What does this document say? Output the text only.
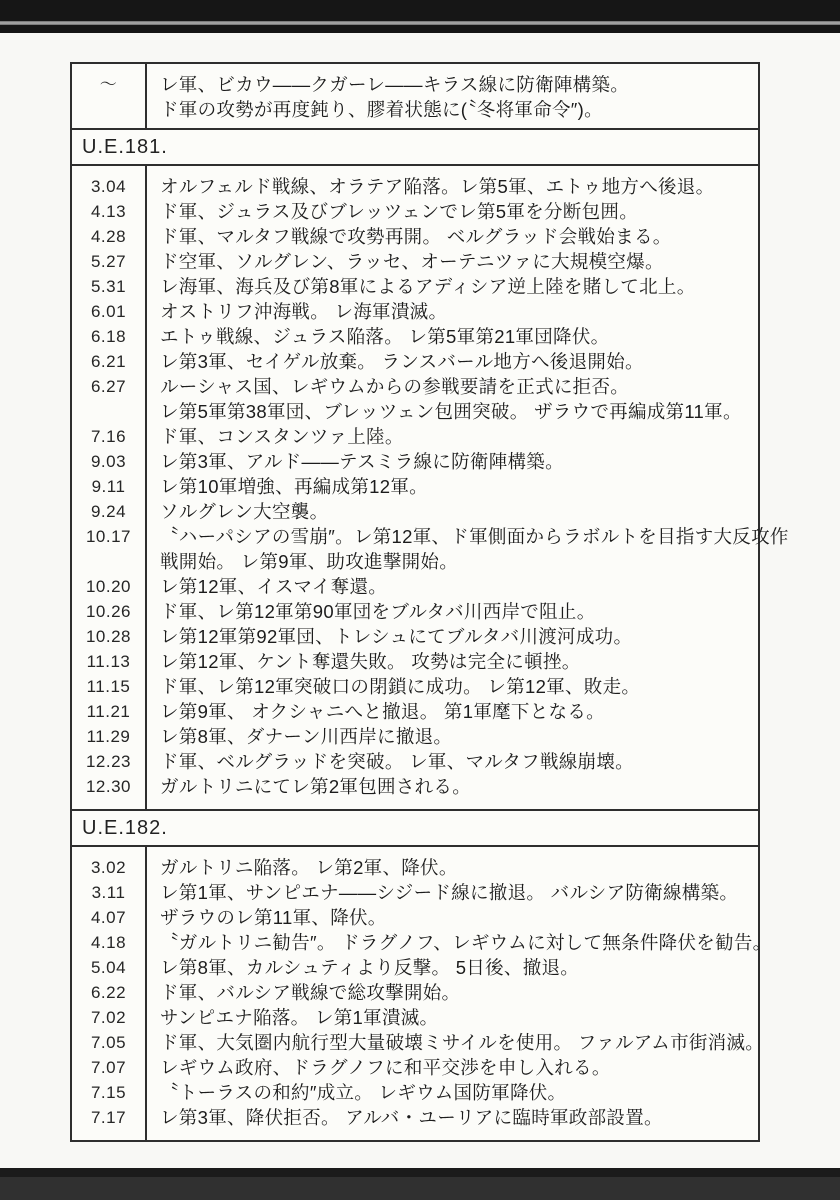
〜	レ軍、ビカウ——クガーレ——キラス線に防衛陣構築。
ド軍の攻勢が再度鈍り、膠着状態に(〝冬将軍命令″)。
U.E.181.
3.04	オルフェルド戦線、オラテア陥落。レ第5軍、エトゥ地方へ後退。
4.13	ド軍、ジュラス及びブレッツェンでレ第5軍を分断包囲。
4.28	ド軍、マルタフ戦線で攻勢再開。 ベルグラッド会戦始まる。
5.27	ド空軍、ソルグレン、ラッセ、オーテニツァに大規模空爆。
5.31	レ海軍、海兵及び第8軍によるアディシア逆上陸を賭して北上。
6.01	オストリフ沖海戦。 レ海軍潰滅。
6.18	エトゥ戦線、ジュラス陥落。 レ第5軍第21軍団降伏。
6.21	レ第3軍、セイゲル放棄。 ランスバール地方へ後退開始。
6.27	ルーシャス国、レギウムからの参戦要請を正式に拒否。
レ第5軍第38軍団、ブレッツェン包囲突破。 ザラウで再編成第11軍。
7.16	ド軍、コンスタンツァ上陸。
9.03	レ第3軍、アルド——テスミラ線に防衛陣構築。
9.11	レ第10軍増強、再編成第12軍。
9.24	ソルグレン大空襲。
10.17	〝ハーパシアの雪崩″。レ第12軍、ド軍側面からラボルトを目指す大反攻作
戦開始。 レ第9軍、助攻進撃開始。
10.20	レ第12軍、イスマイ奪還。
10.26	ド軍、レ第12軍第90軍団をブルタバ川西岸で阻止。
10.28	レ第12軍第92軍団、トレシュにてブルタバ川渡河成功。
11.13	レ第12軍、ケント奪還失敗。 攻勢は完全に頓挫。
11.15	ド軍、レ第12軍突破口の閉鎖に成功。 レ第12軍、敗走。
11.21	レ第9軍、 オクシャニへと撤退。 第1軍麾下となる。
11.29	レ第8軍、ダナーン川西岸に撤退。
12.23	ド軍、ベルグラッドを突破。 レ軍、マルタフ戦線崩壊。
12.30	ガルトリニにてレ第2軍包囲される。
U.E.182.
3.02	ガルトリニ陥落。 レ第2軍、降伏。
3.11	レ第1軍、サンピエナ——シジード線に撤退。 バルシア防衛線構築。
4.07	ザラウのレ第11軍、降伏。
4.18	〝ガルトリニ勧告″。 ドラグノフ、レギウムに対して無条件降伏を勧告。
5.04	レ第8軍、カルシュティより反撃。 5日後、撤退。
6.22	ド軍、バルシア戦線で総攻撃開始。
7.02	サンピエナ陥落。 レ第1軍潰滅。
7.05	ド軍、大気圏内航行型大量破壊ミサイルを使用。 ファルアム市街消滅。
7.07	レギウム政府、ドラグノフに和平交渉を申し入れる。
7.15	〝トーラスの和約″成立。 レギウム国防軍降伏。
7.17	レ第3軍、降伏拒否。 アルバ・ユーリアに臨時軍政部設置。
